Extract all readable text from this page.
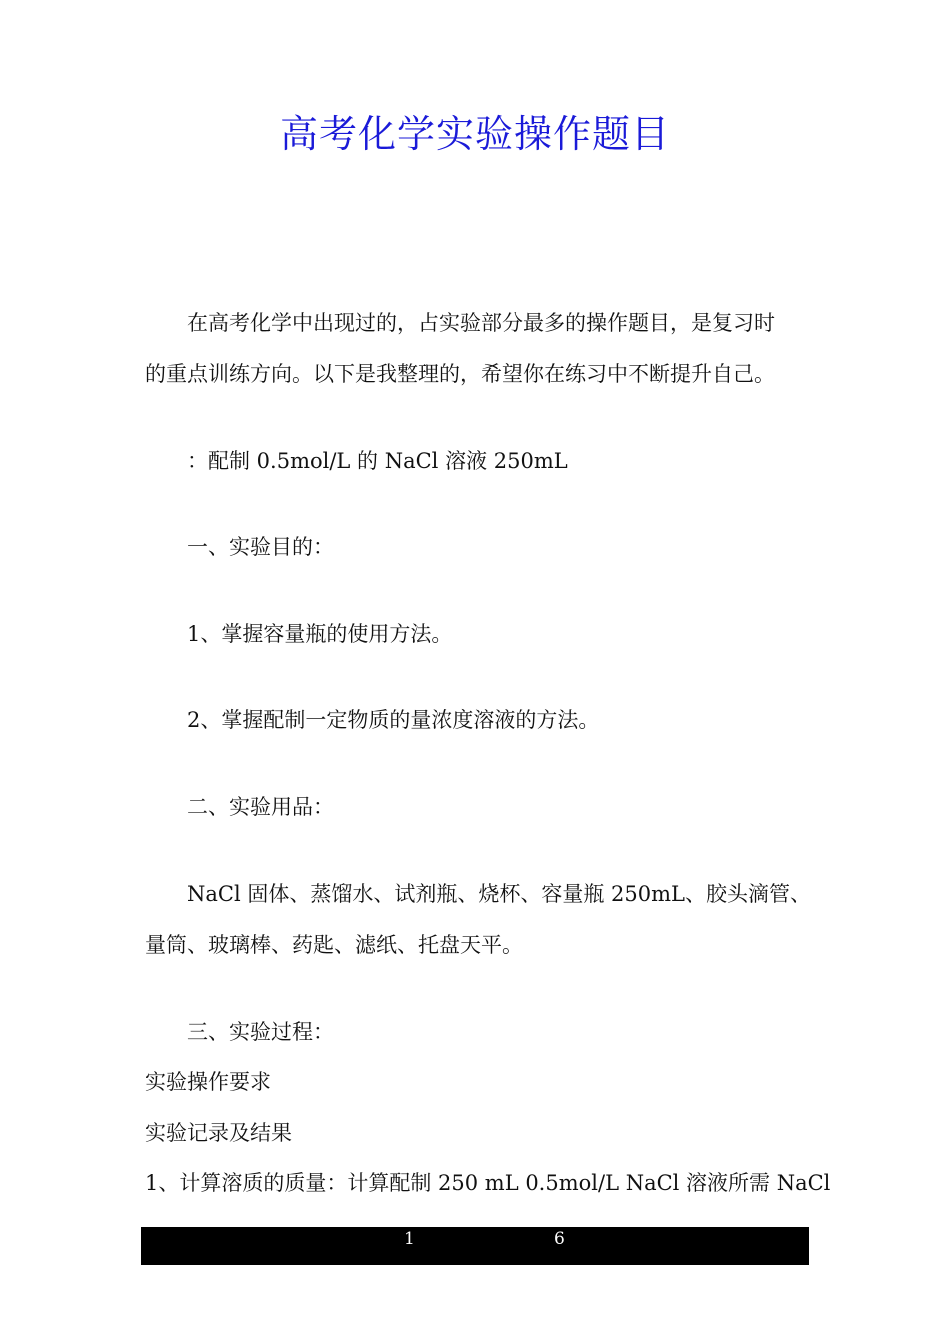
高考化学实验操作题目
在高考化学中出现过的，占实验部分最多的操作题目，是复习时
的重点训练方向。以下是我整理的，希望你在练习中不断提升自己。
：配制 0.5mol/L 的 NaCl 溶液 250mL
一、实验目的：
1、掌握容量瓶的使用方法。
2、掌握配制一定物质的量浓度溶液的方法。
二、实验用品：
NaCl 固体、蒸馏水、试剂瓶、烧杯、容量瓶 250mL、胶头滴管、
量筒、玻璃棒、药匙、滤纸、托盘天平。
三、实验过程：
实验操作要求
实验记录及结果
1、计算溶质的质量：计算配制 250 mL 0.5mol/L NaCl 溶液所需 NaCl
1	6
